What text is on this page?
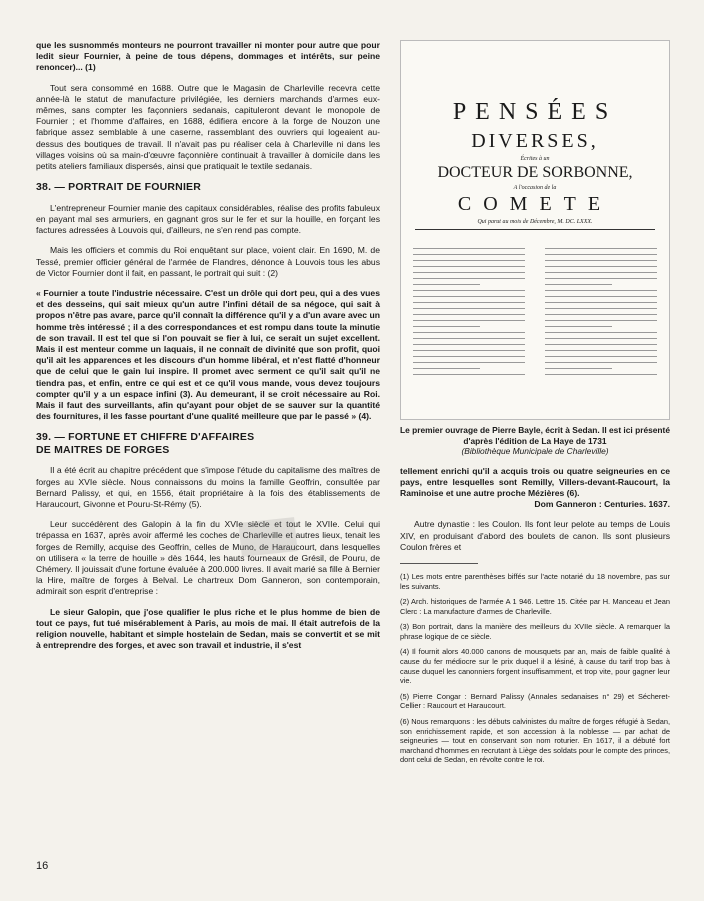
que les susnommés monteurs ne pourront travailler ni monter pour autre que pour ledit sieur Fournier, à peine de tous dépens, dommages et intérêts, sur peine renoncer)... (1)

Tout sera consommé en 1688. Outre que le Magasin de Charleville recevra cette année-là le statut de manufacture privilégiée, les derniers marchands d'armes eux-mêmes, sans compter les façonniers sedanais, capituleront devant le monopole de Fournier ; et l'homme d'affaires, en 1688, édifiera encore à la forge de Nouzon une fabrique assez semblable à une caserne, rassemblant des ouvriers qui logeaient au-dessus des boutiques de travail. Il n'avait pas pu réaliser cela à Charleville ni dans les villages voisins où sa main-d'œuvre façonnière continuait à travailler à domicile dans les petits ateliers familiaux dispersés, ainsi que pratiquait le textile sedanais.

38. — PORTRAIT DE FOURNIER

L'entrepreneur Fournier manie des capitaux considérables, réalise des profits fabuleux en payant mal ses armuriers, en gagnant gros sur le fer et sur la houille, en forçant les factures adressées à Louvois qui, d'ailleurs, ne s'en rend pas compte.

Mais les officiers et commis du Roi enquêtant sur place, voient clair. En 1690, M. de Tessé, premier officier général de l'armée de Flandres, dénonce à Louvois tous les abus de Victor Fournier dont il fait, en passant, le portrait qui suit : (2)

« Fournier a toute l'industrie nécessaire. C'est un drôle qui dort peu, qui a des vues et des desseins, qui sait mieux qu'un autre l'infini détail de sa négoce, qui sait à propos n'être pas avare, parce qu'il connaît la différence qu'il y a d'un avare avec un homme très intéressé ; il a des correspondances et est rompu dans toute la minutie de son travail. Il est tel que si l'on pouvait se fier à lui, ce serait un sujet excellent. Mais il est menteur comme un laquais, il ne connaît de divinité que son profit, quoi qu'il ait les apparences et les discours d'un homme libéral, et n'est flatté d'honneur que de celui que le gain lui inspire. Il promet avec serment ce qu'il sait qu'il ne tiendra pas, et enfin, entre ce qui est et ce qu'il vous mande, vous devez toujours compter qu'il y a un espace infini (3). Au demeurant, il se croit nécessaire au Roi. Mais il faut des surveillants, afin qu'ayant pour objet de se sauver sur la quantité des fournitures, il les fasse pourtant d'une qualité meilleure que par le passé » (4).

39. — FORTUNE ET CHIFFRE D'AFFAIRES
DE MAITRES DE FORGES

Il a été écrit au chapitre précédent que s'impose l'étude du capitalisme des maîtres de forges au XVIe siècle. Nous connaissons du moins la famille Geoffrin, consultée par Bernard Palissy, et qui, en 1556, était propriétaire à la fois des établissements de Haraucourt, Givonne et Pouru-St-Rémy (5).

Leur succédèrent des Galopin à la fin du XVIe siècle et tout le XVIIe. Celui qui trépassa en 1637, après avoir affermé les coches de Charleville et autres lieux, tenait les forges de Remilly, acquise des Geoffrin, celles de Muno, de Haraucourt, dans lesquelles on utilisera « la terre de houille » dès 1644, les hauts fourneaux de Grésil, de Pouru, de Chémery. Il jouissait d'une fortune évaluée à 200.000 livres. Il avait marié sa fille à Bernier la Hire, maître de forges à Belval. Le chartreux Dom Ganneron, son contemporain, admirait son esprit d'entreprise :

Le sieur Galopin, que j'ose qualifier le plus riche et le plus homme de bien de tout ce pays, fut tué misérablement à Paris, au mois de mai. Il était autrefois de la religion nouvelle, habitant et simple hostelain de Sedan, mais se convertit et se mit à entreprendre des forges, et avec son travail et industrie, il s'est

PENSÉES
DIVERSES,
Écrites à un
DOCTEUR DE SORBONNE,
A l'occasion de la
COMETE
Qui parut au mois de Décembre, M. DC. LXXX.
Le premier ouvrage de Pierre Bayle, écrit à Sedan. Il est ici présenté d'après l'édition de La Haye de 1731
(Bibliothèque Municipale de Charleville)

tellement enrichi qu'il a acquis trois ou quatre seigneuries en ce pays, entre lesquelles sont Remilly, Villers-devant-Raucourt, la Raminoise et une autre proche Mézières (6).

Dom Ganneron : Centuries. 1637.

Autre dynastie : les Coulon. Ils font leur pelote au temps de Louis XIV, en produisant d'abord des boulets de canon. Ils sont plusieurs Coulon frères et

(1) Les mots entre parenthèses biffés sur l'acte notarié du 18 novembre, pas sur les suivants.

(2) Arch. historiques de l'armée A 1 946. Lettre 15. Citée par H. Manceau et Jean Clerc : La manufacture d'armes de Charleville.

(3) Bon portrait, dans la manière des meilleurs du XVIIe siècle. A remarquer la phrase logique de ce siècle.

(4) Il fournit alors 40.000 canons de mousquets par an, mais de faible qualité à cause du fer médiocre sur le prix duquel il a lésiné, à cause du tarif trop bas à cause duquel les canonniers forgent insuffisamment, et trop vite, pour gagner leur vie.

(5) Pierre Congar : Bernard Palissy (Annales sedanaises n° 29) et Sécheret-Cellier : Raucourt et Haraucourt.

(6) Nous remarquons : les débuts calvinistes du maître de forges réfugié à Sedan, son enrichissement rapide, et son accession à la noblesse — par achat de seigneuries — tout en conservant son nom roturier. En 1617, il a débuté fort marchand d'hommes en recrutant à Liège des soldats pour le compte des princes, dont celui de Sedan, en révolte contre le roi.

16
